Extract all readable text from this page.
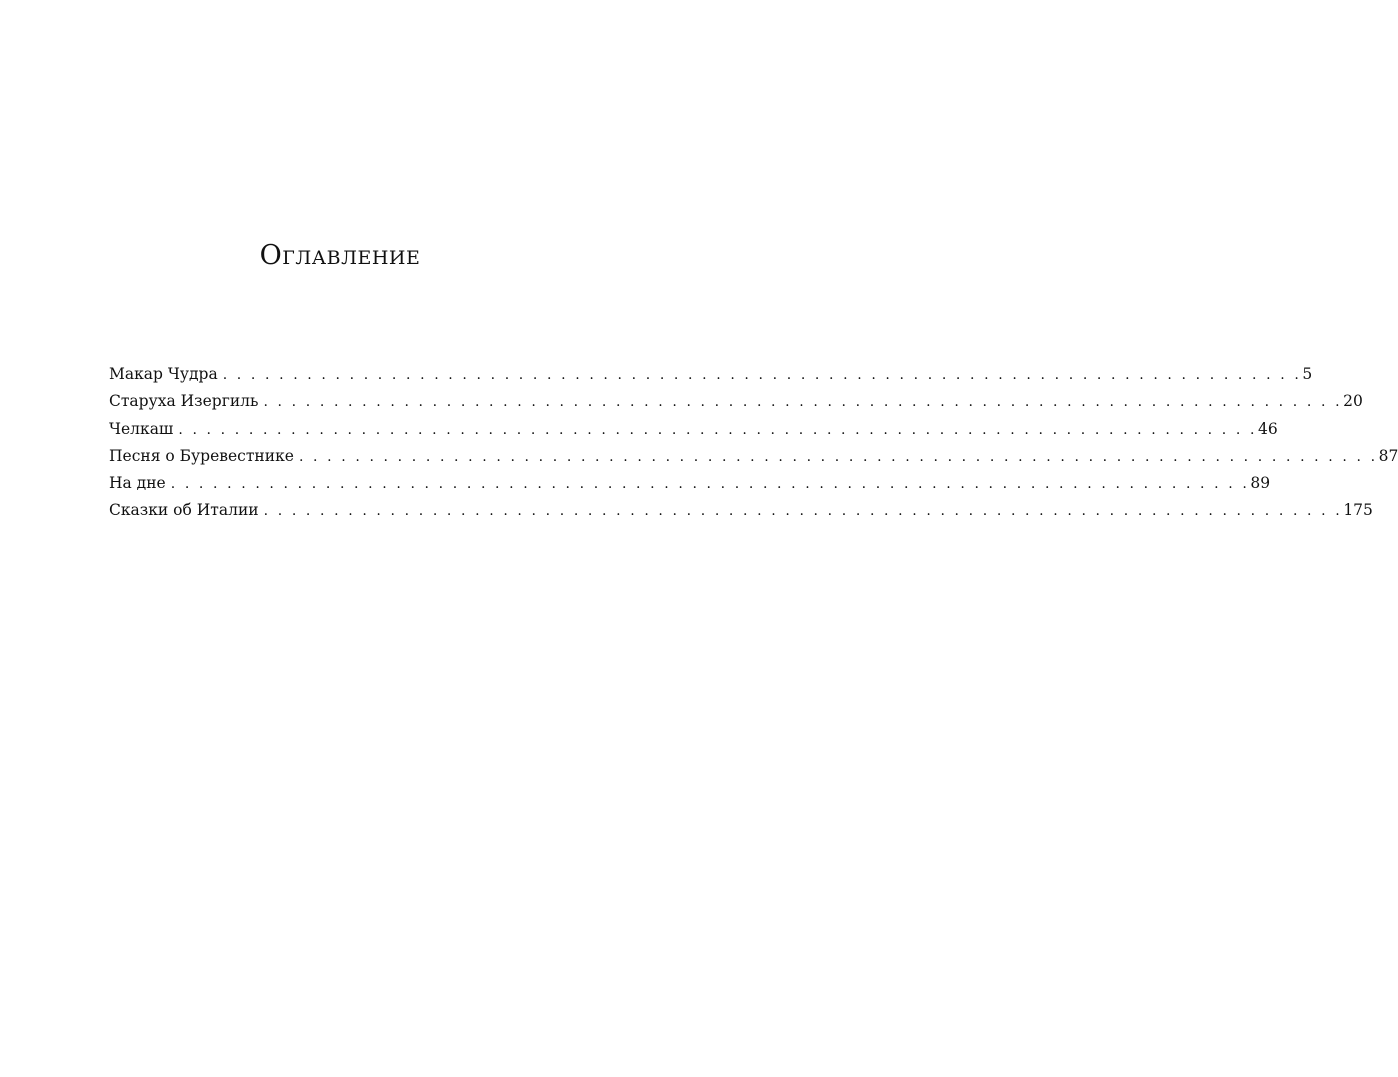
Оглавление
Макар Чудра . . . . . . . . . . . . . . . . . . . . . . . . . . . . . . . . . . . . . . . . . . . . . . . . . . . . . . . . . . . . . . . . . . . . . . . . . . . . . 5
Старуха Изергиль . . . . . . . . . . . . . . . . . . . . . . . . . . . . . . . . . . . . . . . . . . . . . . . . . . . . . . . . . . . . . . . . . . . . . . . . . . . . . 20
Челкаш . . . . . . . . . . . . . . . . . . . . . . . . . . . . . . . . . . . . . . . . . . . . . . . . . . . . . . . . . . . . . . . . . . . . . . . . . . . . . 46
Песня о Буревестнике . . . . . . . . . . . . . . . . . . . . . . . . . . . . . . . . . . . . . . . . . . . . . . . . . . . . . . . . . . . . . . . . . . . . . . . . . . . . . 87
На дне . . . . . . . . . . . . . . . . . . . . . . . . . . . . . . . . . . . . . . . . . . . . . . . . . . . . . . . . . . . . . . . . . . . . . . . . . . . . . 89
Сказки об Италии . . . . . . . . . . . . . . . . . . . . . . . . . . . . . . . . . . . . . . . . . . . . . . . . . . . . . . . . . . . . . . . . . . . . . . . . . . . . . 175
